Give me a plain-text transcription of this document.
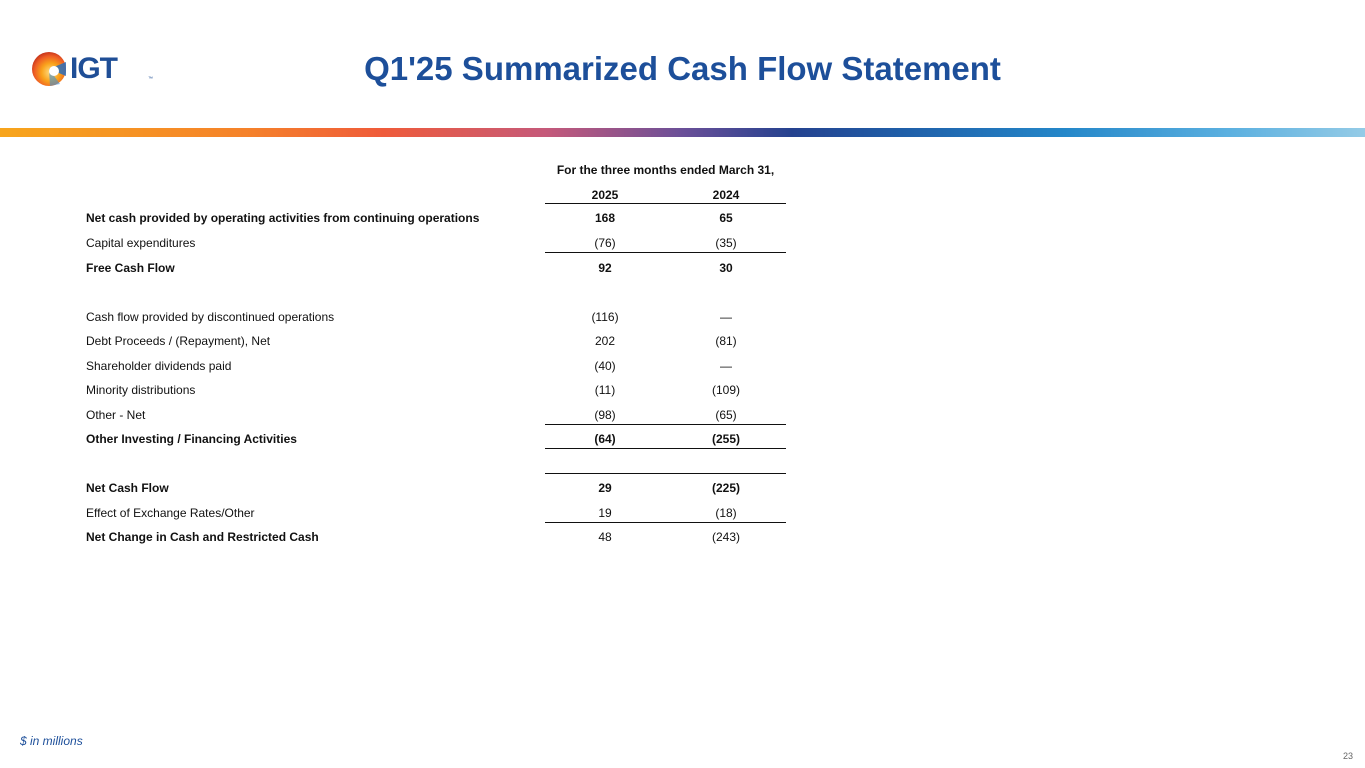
IGT	™	Q1'25 Summarized Cash Flow Statement
For the three months ended March 31,
2025	2024
Net cash provided by operating activities from continuing operations	168	65
Capital expenditures	(76)	(35)
Free Cash Flow	92	30
Cash flow provided by discontinued operations	(116)	—
Debt Proceeds / (Repayment), Net	202	(81)
Shareholder dividends paid	(40)	—
Minority distributions	(11)	(109)
Other - Net	(98)	(65)
Other Investing / Financing Activities	(64)	(255)
Net Cash Flow	29	(225)
Effect of Exchange Rates/Other	19	(18)
Net Change in Cash and Restricted Cash	48	(243)
$ in millions
23
